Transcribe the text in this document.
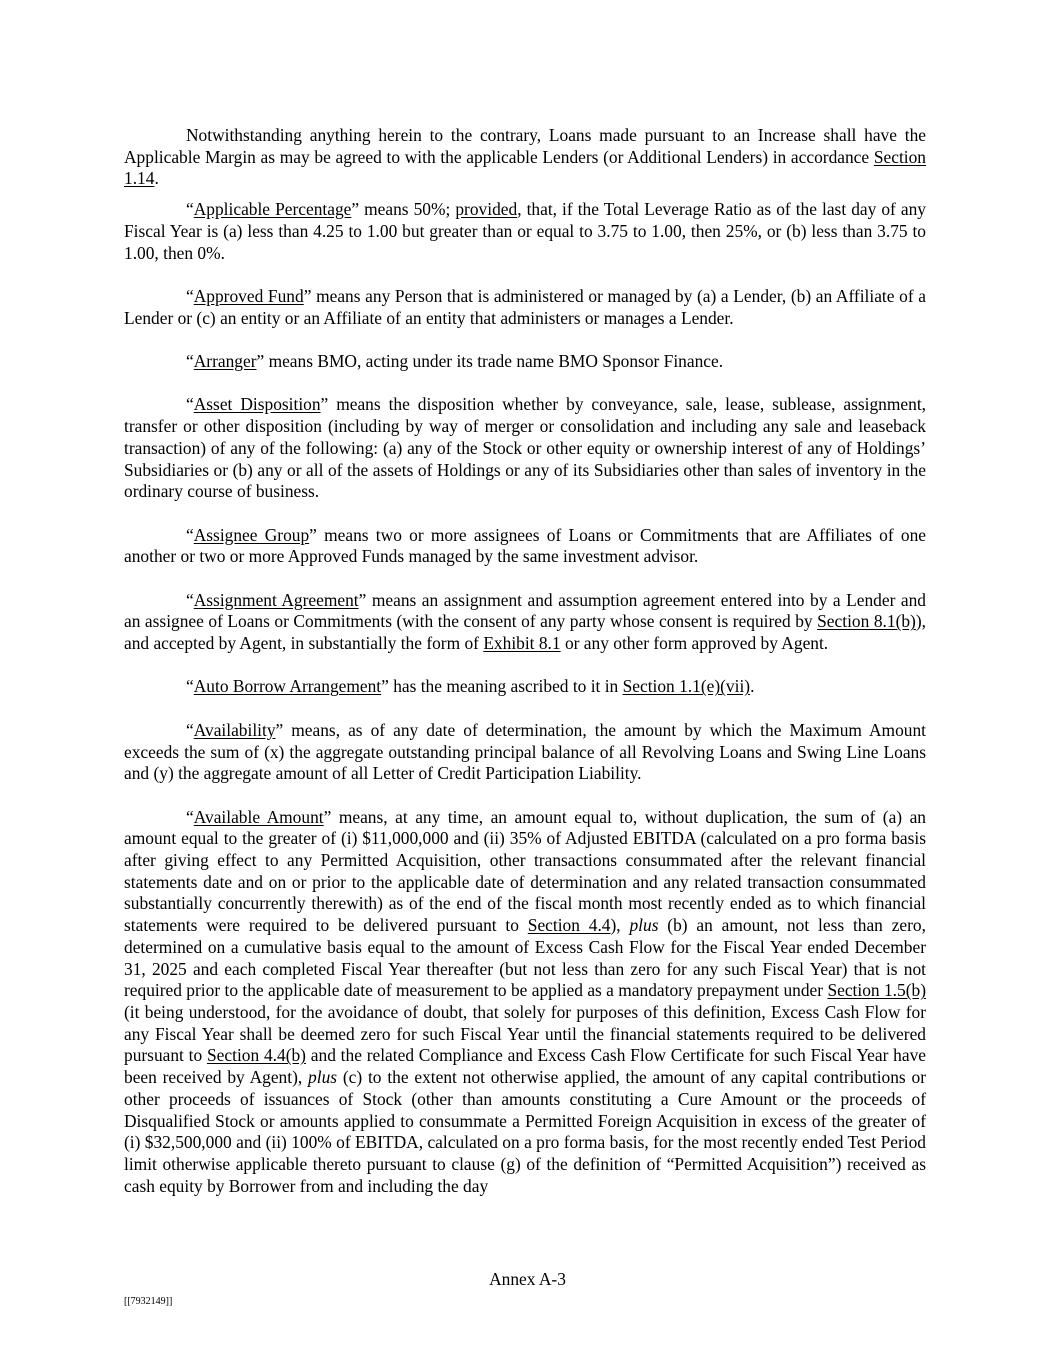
Notwithstanding anything herein to the contrary, Loans made pursuant to an Increase shall have the Applicable Margin as may be agreed to with the applicable Lenders (or Additional Lenders) in accordance Section 1.14.

“Applicable Percentage” means 50%; provided, that, if the Total Leverage Ratio as of the last day of any Fiscal Year is (a) less than 4.25 to 1.00 but greater than or equal to 3.75 to 1.00, then 25%, or (b) less than 3.75 to 1.00, then 0%.

“Approved Fund” means any Person that is administered or managed by (a) a Lender, (b) an Affiliate of a Lender or (c) an entity or an Affiliate of an entity that administers or manages a Lender.

“Arranger” means BMO, acting under its trade name BMO Sponsor Finance.

“Asset Disposition” means the disposition whether by conveyance, sale, lease, sublease, assignment, transfer or other disposition (including by way of merger or consolidation and including any sale and leaseback transaction) of any of the following: (a) any of the Stock or other equity or ownership interest of any of Holdings’ Subsidiaries or (b) any or all of the assets of Holdings or any of its Subsidiaries other than sales of inventory in the ordinary course of business.

“Assignee Group” means two or more assignees of Loans or Commitments that are Affiliates of one another or two or more Approved Funds managed by the same investment advisor.

“Assignment Agreement” means an assignment and assumption agreement entered into by a Lender and an assignee of Loans or Commitments (with the consent of any party whose consent is required by Section 8.1(b)), and accepted by Agent, in substantially the form of Exhibit 8.1 or any other form approved by Agent.

“Auto Borrow Arrangement” has the meaning ascribed to it in Section 1.1(e)(vii).

“Availability” means, as of any date of determination, the amount by which the Maximum Amount exceeds the sum of (x) the aggregate outstanding principal balance of all Revolving Loans and Swing Line Loans and (y) the aggregate amount of all Letter of Credit Participation Liability.

“Available Amount” means, at any time, an amount equal to, without duplication, the sum of (a) an amount equal to the greater of (i) $11,000,000 and (ii) 35% of Adjusted EBITDA (calculated on a pro forma basis after giving effect to any Permitted Acquisition, other transactions consummated after the relevant financial statements date and on or prior to the applicable date of determination and any related transaction consummated substantially concurrently therewith) as of the end of the fiscal month most recently ended as to which financial statements were required to be delivered pursuant to Section 4.4), plus (b) an amount, not less than zero, determined on a cumulative basis equal to the amount of Excess Cash Flow for the Fiscal Year ended December 31, 2025 and each completed Fiscal Year thereafter (but not less than zero for any such Fiscal Year) that is not required prior to the applicable date of measurement to be applied as a mandatory prepayment under Section 1.5(b) (it being understood, for the avoidance of doubt, that solely for purposes of this definition, Excess Cash Flow for any Fiscal Year shall be deemed zero for such Fiscal Year until the financial statements required to be delivered pursuant to Section 4.4(b) and the related Compliance and Excess Cash Flow Certificate for such Fiscal Year have been received by Agent), plus (c) to the extent not otherwise applied, the amount of any capital contributions or other proceeds of issuances of Stock (other than amounts constituting a Cure Amount or the proceeds of Disqualified Stock or amounts applied to consummate a Permitted Foreign Acquisition in excess of the greater of (i) $32,500,000 and (ii) 100% of EBITDA, calculated on a pro forma basis, for the most recently ended Test Period limit otherwise applicable thereto pursuant to clause (g) of the definition of “Permitted Acquisition”) received as cash equity by Borrower from and including the day

Annex A-3
[[7932149]]
